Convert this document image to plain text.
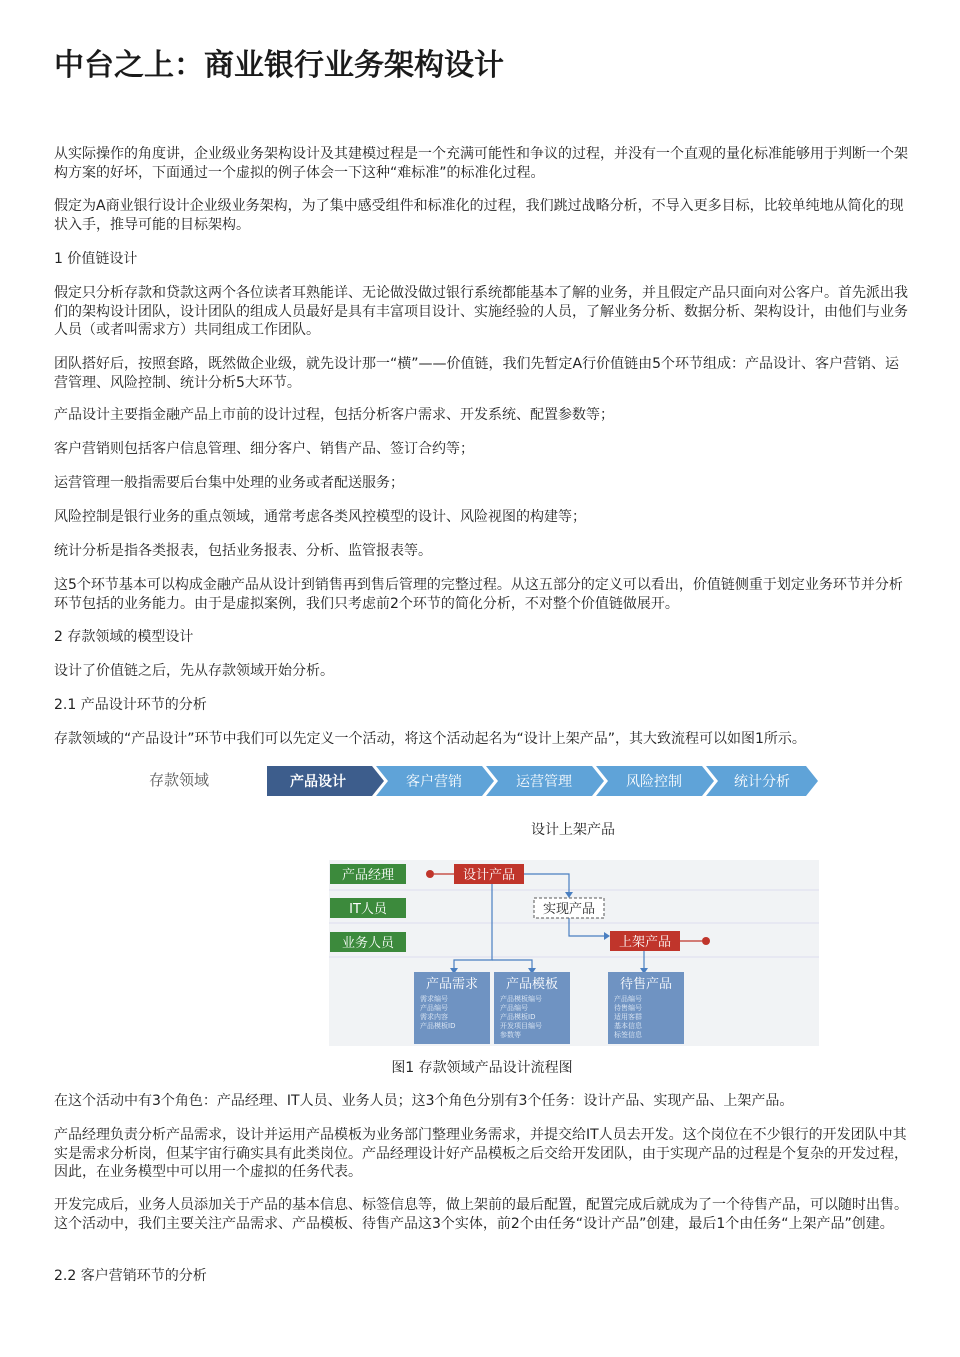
中台之上：商业银行业务架构设计

从实际操作的角度讲，企业级业务架构设计及其建模过程是一个充满可能性和争议的过程，并没有一个直观的量化标准能够用于判断一个架构方案的好坏，下面通过一个虚拟的例子体会一下这种“难标准”的标准化过程。

假定为A商业银行设计企业级业务架构，为了集中感受组件和标准化的过程，我们跳过战略分析，不导入更多目标，比较单纯地从简化的现状入手，推导可能的目标架构。

1 价值链设计

假定只分析存款和贷款这两个各位读者耳熟能详、无论做没做过银行系统都能基本了解的业务，并且假定产品只面向对公客户。首先派出我们的架构设计团队，设计团队的组成人员最好是具有丰富项目设计、实施经验的人员，了解业务分析、数据分析、架构设计，由他们与业务人员（或者叫需求方）共同组成工作团队。

团队搭好后，按照套路，既然做企业级，就先设计那一“横”——价值链，我们先暂定A行价值链由5个环节组成：产品设计、客户营销、运营管理、风险控制、统计分析5大环节。

产品设计主要指金融产品上市前的设计过程，包括分析客户需求、开发系统、配置参数等；

客户营销则包括客户信息管理、细分客户、销售产品、签订合约等；

运营管理一般指需要后台集中处理的业务或者配送服务；

风险控制是银行业务的重点领域，通常考虑各类风控模型的设计、风险视图的构建等；

统计分析是指各类报表，包括业务报表、分析、监管报表等。

这5个环节基本可以构成金融产品从设计到销售再到售后管理的完整过程。从这五部分的定义可以看出，价值链侧重于划定业务环节并分析环节包括的业务能力。由于是虚拟案例，我们只考虑前2个环节的简化分析，不对整个价值链做展开。

2 存款领域的模型设计

设计了价值链之后，先从存款领域开始分析。

2.1 产品设计环节的分析

存款领域的“产品设计”环节中我们可以先定义一个活动，将这个活动起名为“设计上架产品”，其大致流程可以如图1所示。

存款领域	产品设计	客户营销	运营管理	风险控制	统计分析
设计上架产品
产品经理
IT人员
业务人员
设计产品
实现产品
上架产品
产品需求 产品模板	待售产品
需求编号
产品编号
需求内容
产品模板ID
产品模板编号
产品编号
产品模板ID
开发项目编号
参数等
产品编号
待售编号
适用客群
基本信息
标签信息
图1 存款领域产品设计流程图

在这个活动中有3个角色：产品经理、IT人员、业务人员；这3个角色分别有3个任务：设计产品、实现产品、上架产品。

产品经理负责分析产品需求，设计并运用产品模板为业务部门整理业务需求，并提交给IT人员去开发。这个岗位在不少银行的开发团队中其实是需求分析岗，但某宇宙行确实具有此类岗位。产品经理设计好产品模板之后交给开发团队，由于实现产品的过程是个复杂的开发过程，因此，在业务模型中可以用一个虚拟的任务代表。

开发完成后，业务人员添加关于产品的基本信息、标签信息等，做上架前的最后配置，配置完成后就成为了一个待售产品，可以随时出售。这个活动中，我们主要关注产品需求、产品模板、待售产品这3个实体，前2个由任务“设计产品”创建，最后1个由任务“上架产品”创建。

2.2 客户营销环节的分析
